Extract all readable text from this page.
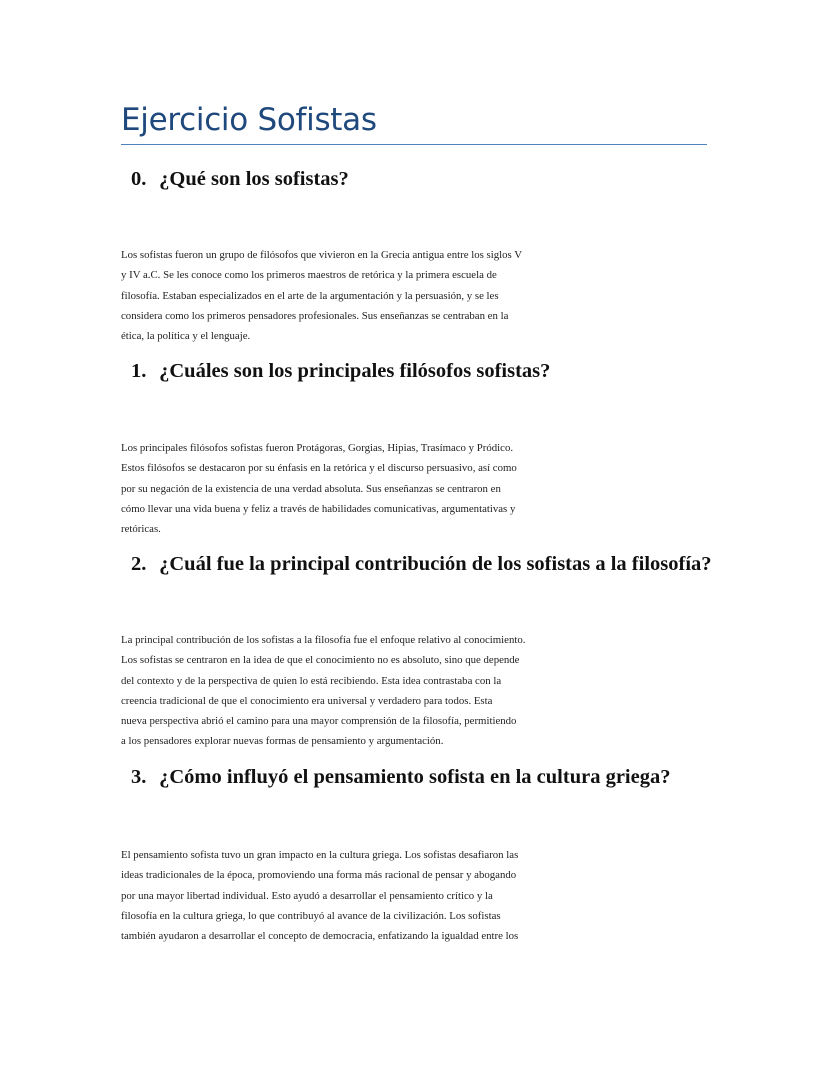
Ejercicio Sofistas
0. ¿Qué son los sofistas?
Los sofistas fueron un grupo de filósofos que vivieron en la Grecia antigua entre los siglos V
y IV a.C. Se les conoce como los primeros maestros de retórica y la primera escuela de
filosofía. Estaban especializados en el arte de la argumentación y la persuasión, y se les
considera como los primeros pensadores profesionales. Sus enseñanzas se centraban en la
ética, la política y el lenguaje.
1. ¿Cuáles son los principales filósofos sofistas?
Los principales filósofos sofistas fueron Protágoras, Gorgias, Hipias, Trasímaco y Pródico.
Estos filósofos se destacaron por su énfasis en la retórica y el discurso persuasivo, así como
por su negación de la existencia de una verdad absoluta. Sus enseñanzas se centraron en
cómo llevar una vida buena y feliz a través de habilidades comunicativas, argumentativas y
retóricas.
2. ¿Cuál fue la principal contribución de los sofistas a la filosofía?
La principal contribución de los sofistas a la filosofía fue el enfoque relativo al conocimiento.
Los sofistas se centraron en la idea de que el conocimiento no es absoluto, sino que depende
del contexto y de la perspectiva de quien lo está recibiendo. Esta idea contrastaba con la
creencia tradicional de que el conocimiento era universal y verdadero para todos. Esta
nueva perspectiva abrió el camino para una mayor comprensión de la filosofía, permitiendo
a los pensadores explorar nuevas formas de pensamiento y argumentación.
3. ¿Cómo influyó el pensamiento sofista en la cultura griega?
El pensamiento sofista tuvo un gran impacto en la cultura griega. Los sofistas desafiaron las
ideas tradicionales de la época, promoviendo una forma más racional de pensar y abogando
por una mayor libertad individual. Esto ayudó a desarrollar el pensamiento crítico y la
filosofía en la cultura griega, lo que contribuyó al avance de la civilización. Los sofistas
también ayudaron a desarrollar el concepto de democracia, enfatizando la igualdad entre los
